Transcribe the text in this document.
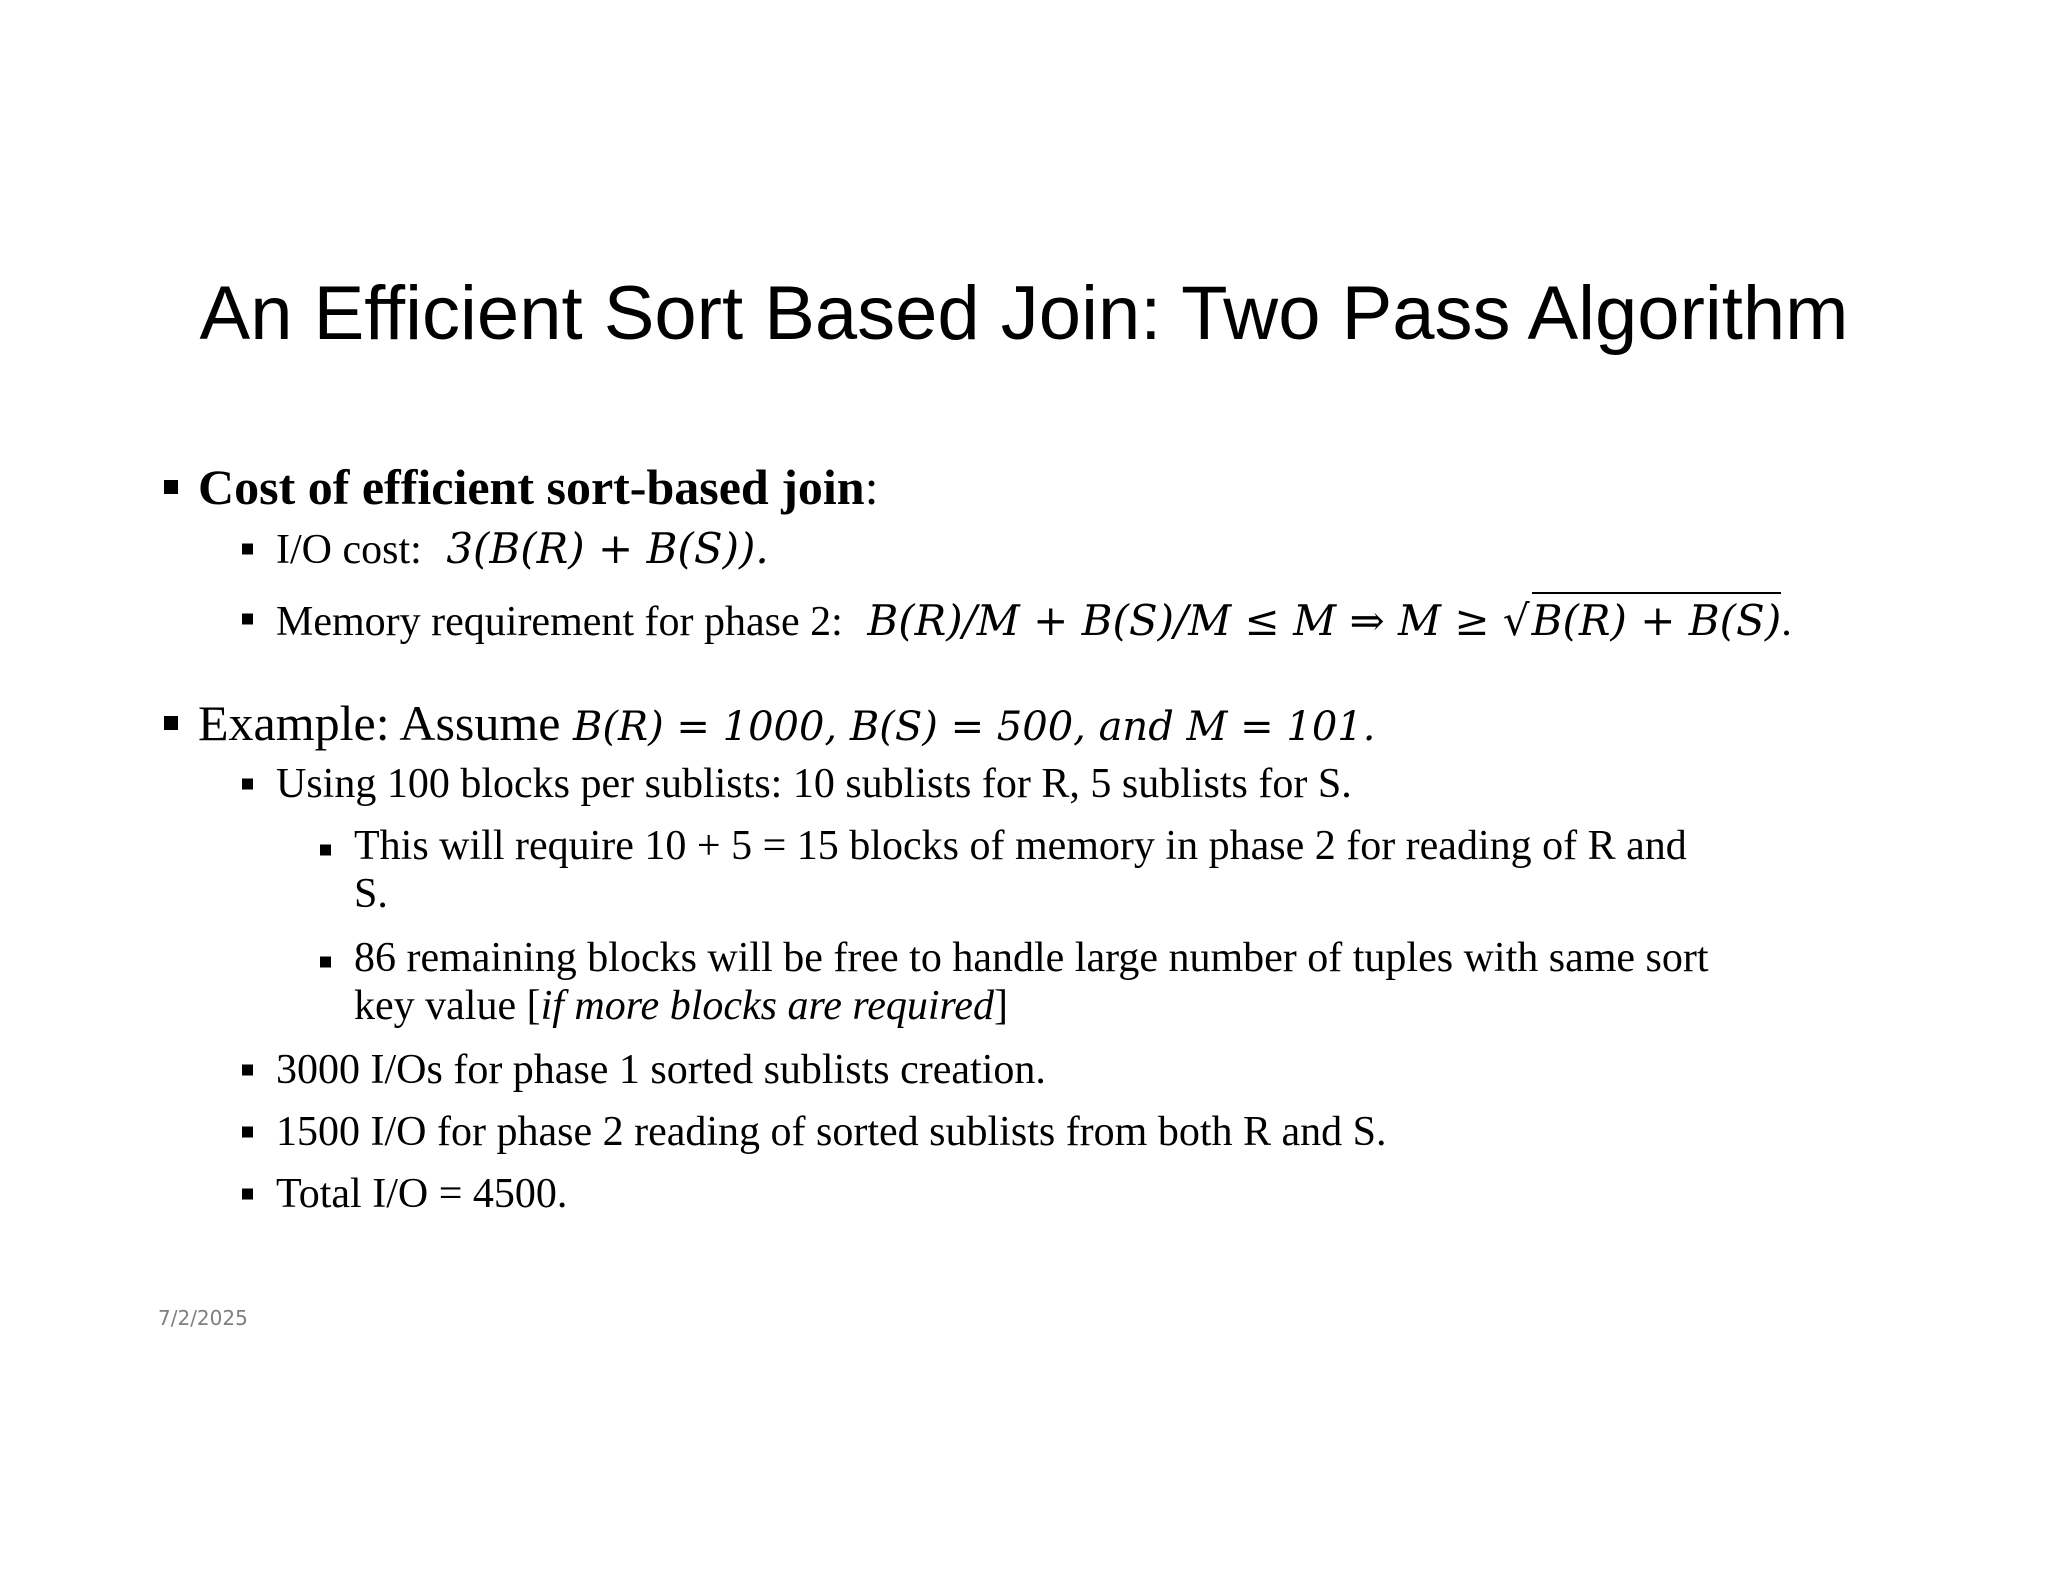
An Efficient Sort Based Join: Two Pass Algorithm
Cost of efficient sort-based join:
I/O cost: 3(B(R) + B(S)).
Memory requirement for phase 2: B(R)/M + B(S)/M ≤ M ⇒ M ≥ √B(R) + B(S).
Example: Assume B(R) = 1000, B(S) = 500, and M = 101.
Using 100 blocks per sublists: 10 sublists for R, 5 sublists for S.
This will require 10 + 5 = 15 blocks of memory in phase 2 for reading of R and
S.
86 remaining blocks will be free to handle large number of tuples with same sort
key value [if more blocks are required]
3000 I/Os for phase 1 sorted sublists creation.
1500 I/O for phase 2 reading of sorted sublists from both R and S.
Total I/O = 4500.
7/2/2025
